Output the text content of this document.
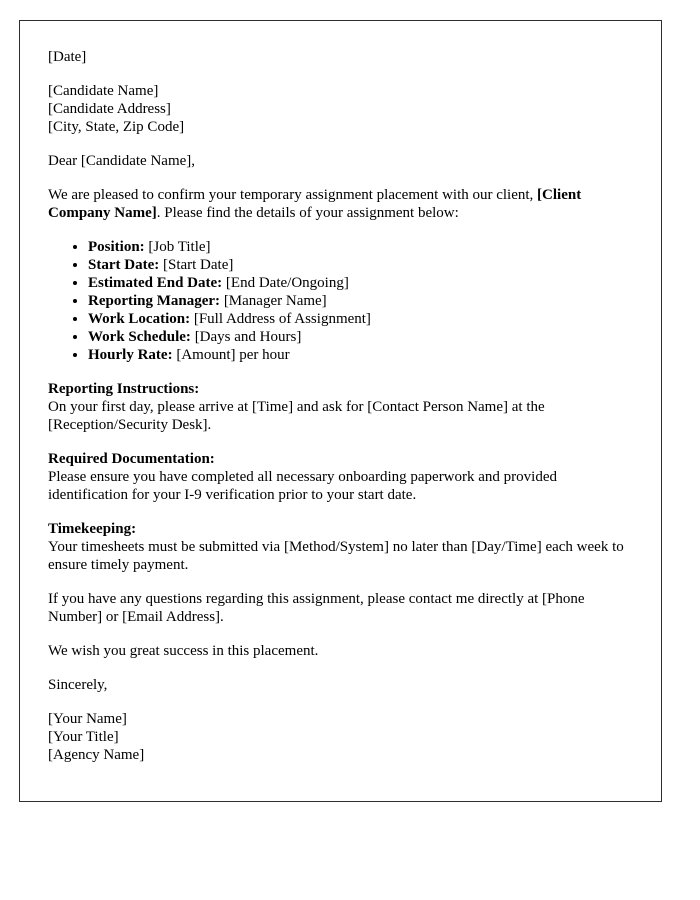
[Date]

[Candidate Name]
[Candidate Address]
[City, State, Zip Code]

Dear [Candidate Name],

We are pleased to confirm your temporary assignment placement with our client, [Client Company Name]. Please find the details of your assignment below:

• Position: [Job Title]
• Start Date: [Start Date]
• Estimated End Date: [End Date/Ongoing]
• Reporting Manager: [Manager Name]
• Work Location: [Full Address of Assignment]
• Work Schedule: [Days and Hours]
• Hourly Rate: [Amount] per hour

Reporting Instructions:
On your first day, please arrive at [Time] and ask for [Contact Person Name] at the [Reception/Security Desk].

Required Documentation:
Please ensure you have completed all necessary onboarding paperwork and provided identification for your I-9 verification prior to your start date.

Timekeeping:
Your timesheets must be submitted via [Method/System] no later than [Day/Time] each week to ensure timely payment.

If you have any questions regarding this assignment, please contact me directly at [Phone Number] or [Email Address].

We wish you great success in this placement.

Sincerely,

[Your Name]
[Your Title]
[Agency Name]
